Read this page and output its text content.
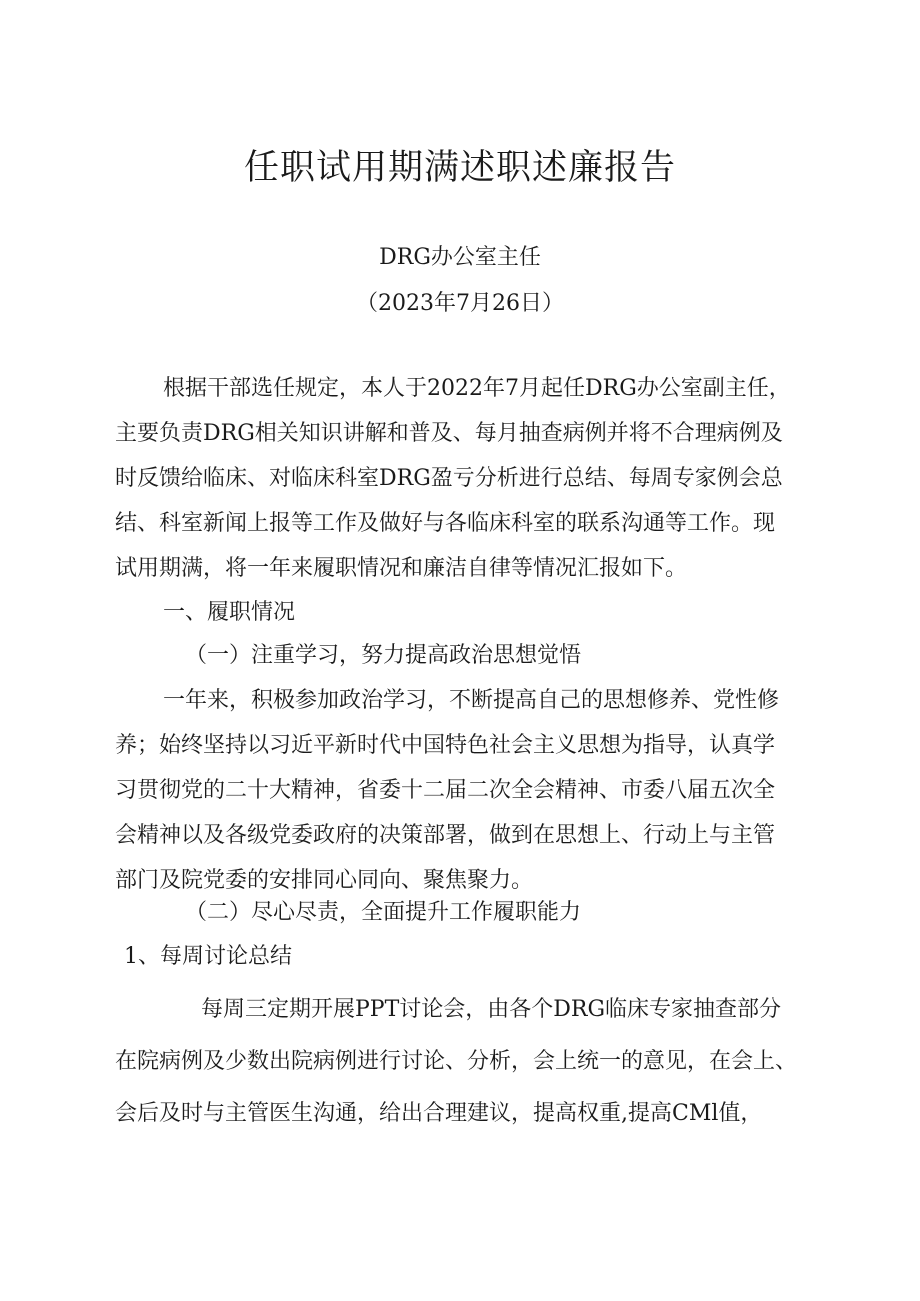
任职试用期满述职述廉报告
DRG办公室主任
（2023年7月26日）
根据干部选任规定，本人于2022年7月起任DRG办公室副主任，
主要负责DRG相关知识讲解和普及、每月抽查病例并将不合理病例及
时反馈给临床、对临床科室DRG盈亏分析进行总结、每周专家例会总
结、科室新闻上报等工作及做好与各临床科室的联系沟通等工作。现
试用期满，将一年来履职情况和廉洁自律等情况汇报如下。
一、履职情况
（一）注重学习，努力提高政治思想觉悟
一年来，积极参加政治学习，不断提高自己的思想修养、党性修
养；始终坚持以习近平新时代中国特色社会主义思想为指导，认真学
习贯彻党的二十大精神，省委十二届二次全会精神、市委八届五次全
会精神以及各级党委政府的决策部署，做到在思想上、行动上与主管
部门及院党委的安排同心同向、聚焦聚力。
（二）尽心尽责，全面提升工作履职能力
1、每周讨论总结
每周三定期开展PPT讨论会，由各个DRG临床专家抽查部分
在院病例及少数出院病例进行讨论、分析，会上统一的意见，在会上、
会后及时与主管医生沟通，给出合理建议，提高权重,提高CMl值，
